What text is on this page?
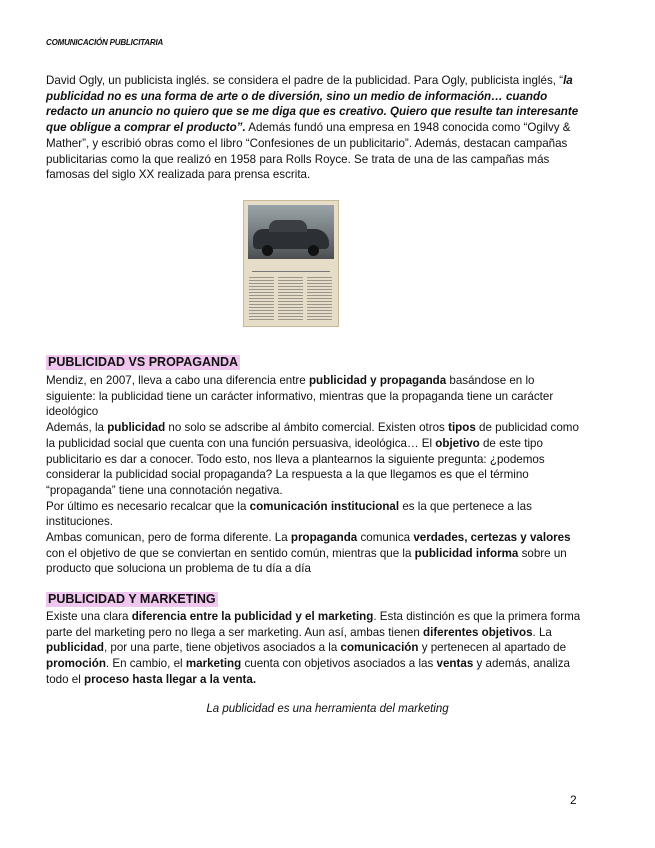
COMUNICACIÓN PUBLICITARIA

David Ogly, un publicista inglés. se considera el padre de la publicidad. Para Ogly, publicista inglés, “la publicidad no es una forma de arte o de diversión, sino un medio de información… cuando redacto un anuncio no quiero que se me diga que es creativo. Quiero que resulte tan interesante que obligue a comprar el producto”. Además fundó una empresa en 1948 conocida como “Ogilvy & Mather”, y escribió obras como el libro “Confesiones de un publicitario”. Además, destacan campañas publicitarias como la que realizó en 1958 para Rolls Royce. Se trata de una de las campañas más famosas del siglo XX realizada para prensa escrita.

PUBLICIDAD VS PROPAGANDA

Mendiz, en 2007, lleva a cabo una diferencia entre publicidad y propaganda basándose en lo siguiente: la publicidad tiene un carácter informativo, mientras que la propaganda tiene un carácter ideológico

Además, la publicidad no solo se adscribe al ámbito comercial. Existen otros tipos de publicidad como la publicidad social que cuenta con una función persuasiva, ideológica… El objetivo de este tipo publicitario es dar a conocer. Todo esto, nos lleva a plantearnos la siguiente pregunta: ¿podemos considerar la publicidad social propaganda? La respuesta a la que llegamos es que el término “propaganda” tiene una connotación negativa.

Por último es necesario recalcar que la comunicación institucional es la que pertenece a las instituciones.

Ambas comunican, pero de forma diferente. La propaganda comunica verdades, certezas y valores con el objetivo de que se conviertan en sentido común, mientras que la publicidad informa sobre un producto que soluciona un problema de tu día a día

PUBLICIDAD Y MARKETING

Existe una clara diferencia entre la publicidad y el marketing. Esta distinción es que la primera forma parte del marketing pero no llega a ser marketing. Aun así, ambas tienen diferentes objetivos. La publicidad, por una parte, tiene objetivos asociados a la comunicación y pertenecen al apartado de promoción. En cambio, el marketing cuenta con objetivos asociados a las ventas y además, analiza todo el proceso hasta llegar a la venta.

La publicidad es una herramienta del marketing
2
